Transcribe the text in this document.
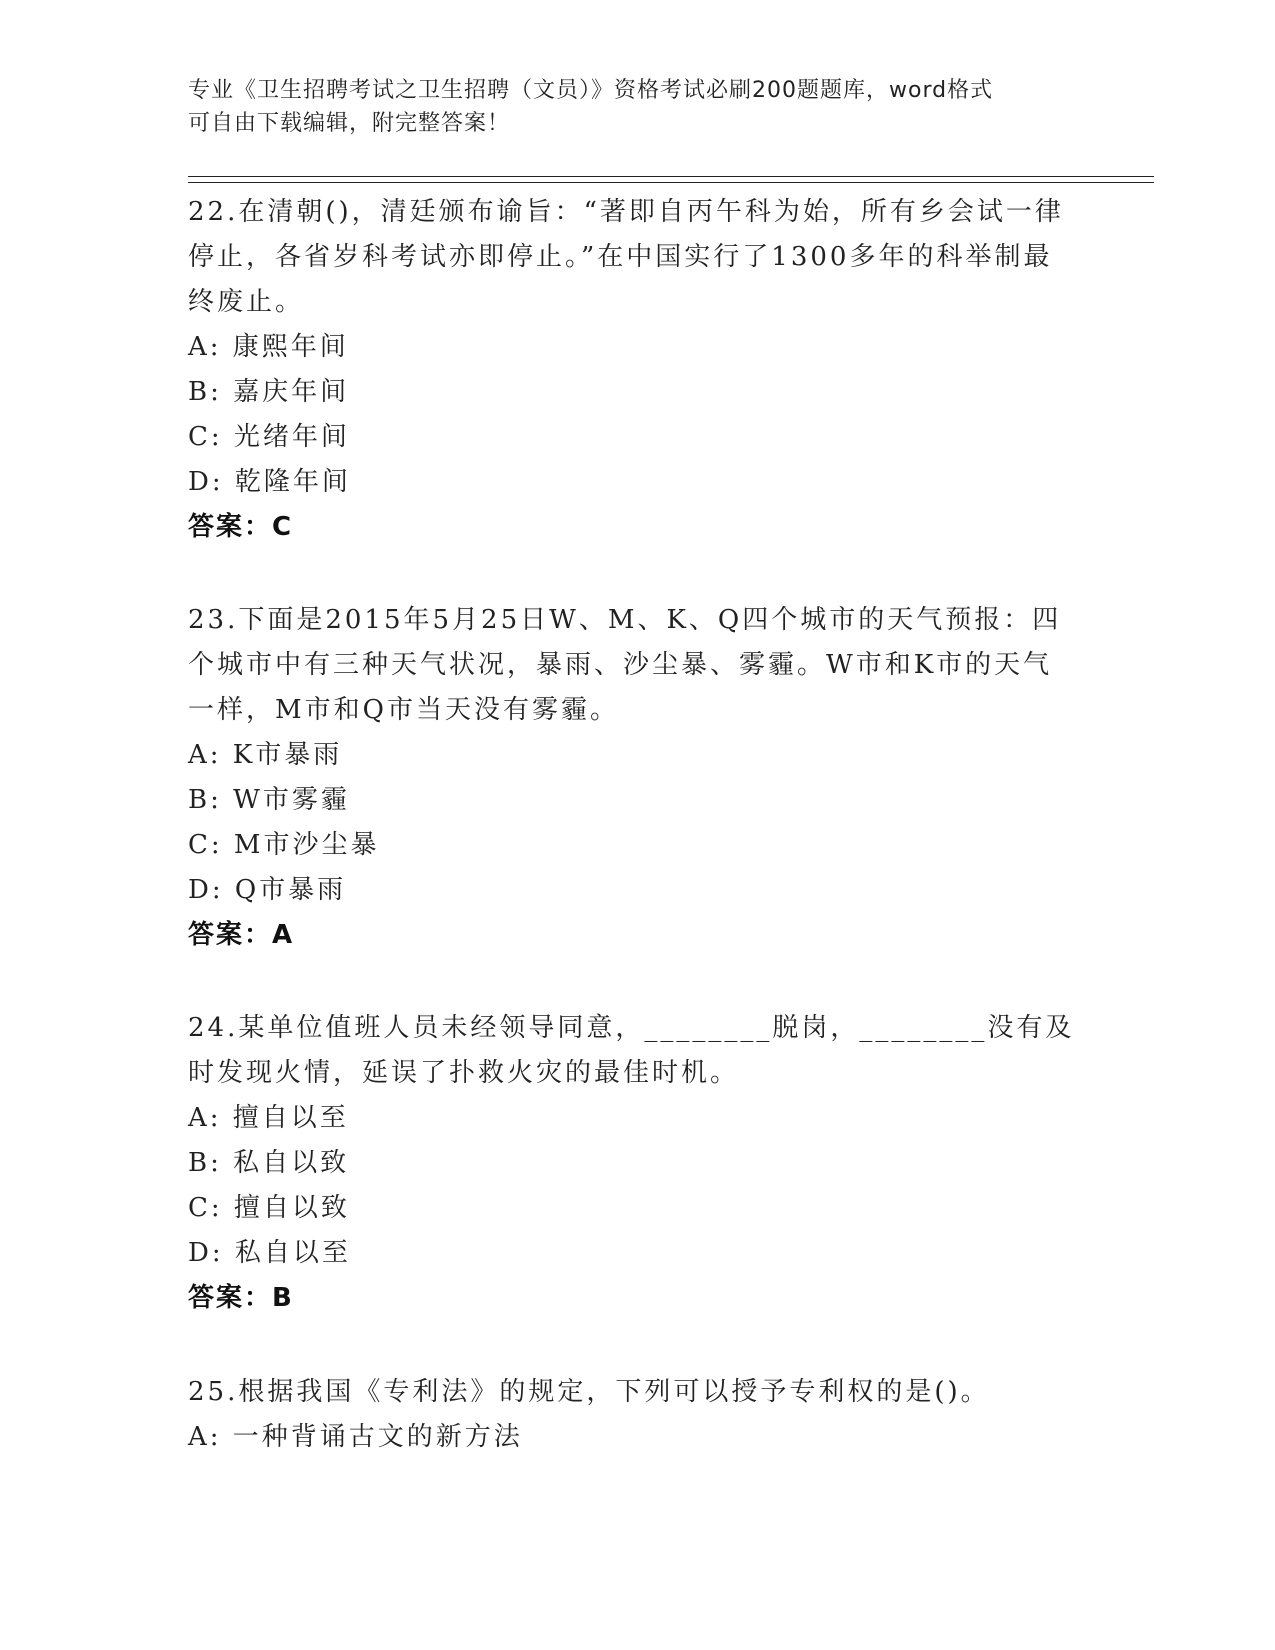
专业《卫生招聘考试之卫生招聘（文员）》资格考试必刷200题题库，word格式
可自由下载编辑，附完整答案！
22.在清朝()，清廷颁布谕旨：“著即自丙午科为始，所有乡会试一律停止，各省岁科考试亦即停止。”在中国实行了1300多年的科举制最终废止。
A: 康熙年间
B: 嘉庆年间
C: 光绪年间
D: 乾隆年间
答案：C
23.下面是2015年5月25日W、M、K、Q四个城市的天气预报：四个城市中有三种天气状况，暴雨、沙尘暴、雾霾。W市和K市的天气一样，M市和Q市当天没有雾霾。
A: K市暴雨
B: W市雾霾
C: M市沙尘暴
D: Q市暴雨
答案：A
24.某单位值班人员未经领导同意，________脱岗，________没有及时发现火情，延误了扑救火灾的最佳时机。
A: 擅自以至
B: 私自以致
C: 擅自以致
D: 私自以至
答案：B
25.根据我国《专利法》的规定，下列可以授予专利权的是()。
A: 一种背诵古文的新方法
